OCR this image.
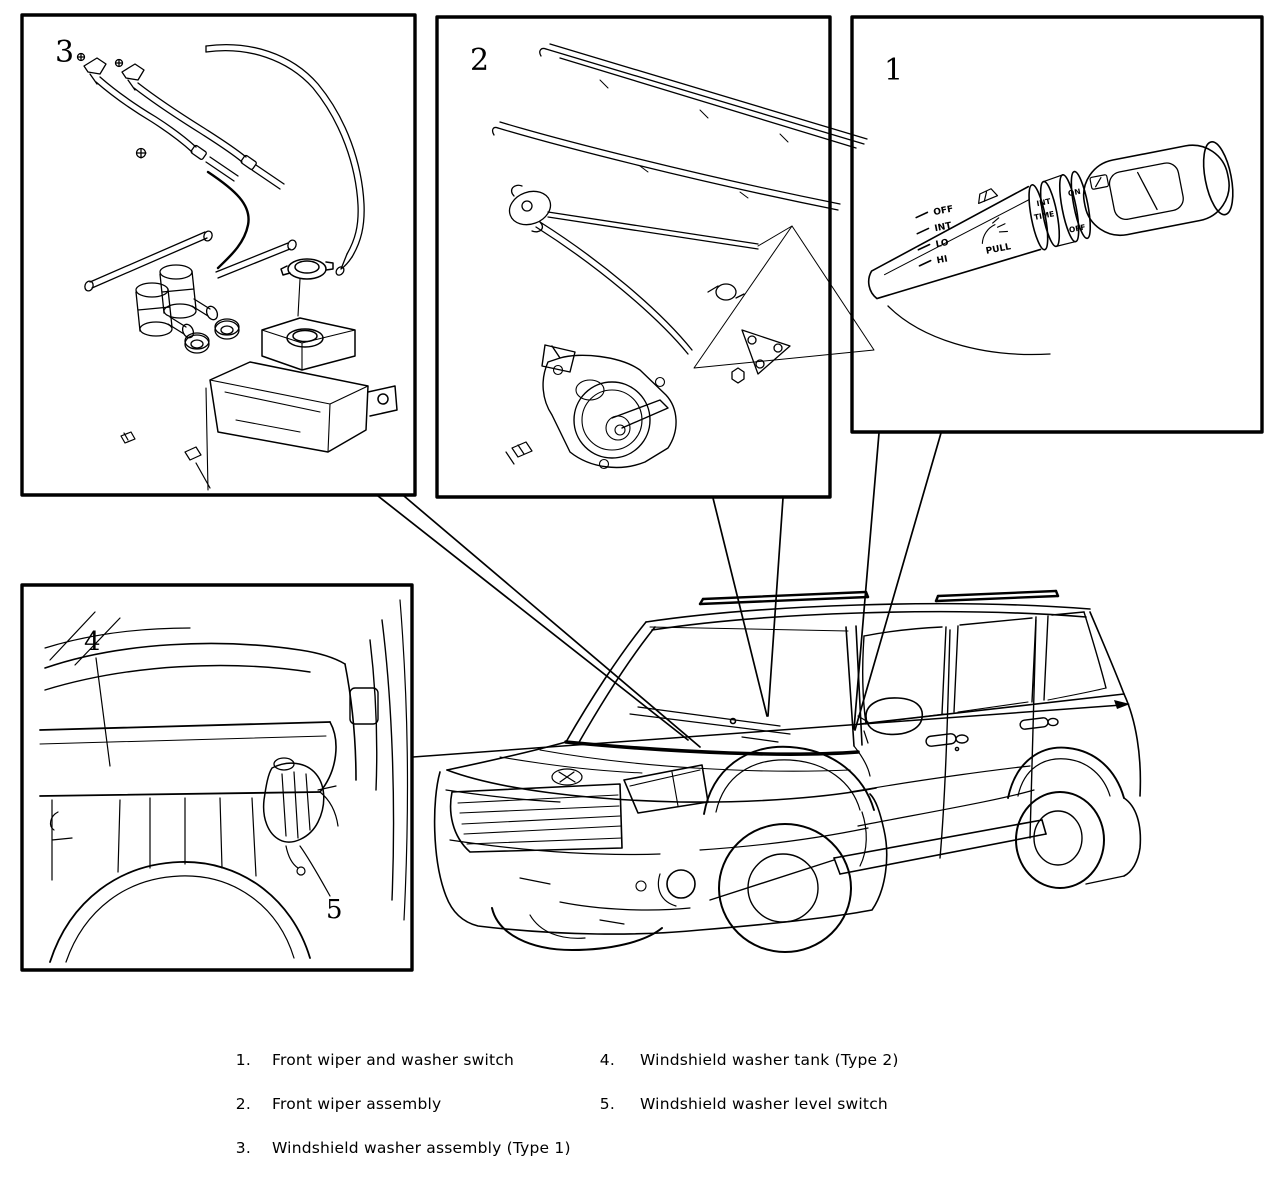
3	2	1
OFF
INT
LO
HI
PULL
INT
TIME
ON
OFF
4
5
1. Front wiper and washer switch
2. Front wiper assembly
3. Windshield washer assembly (Type 1)
4. Windshield washer tank (Type 2)
5. Windshield washer level switch
